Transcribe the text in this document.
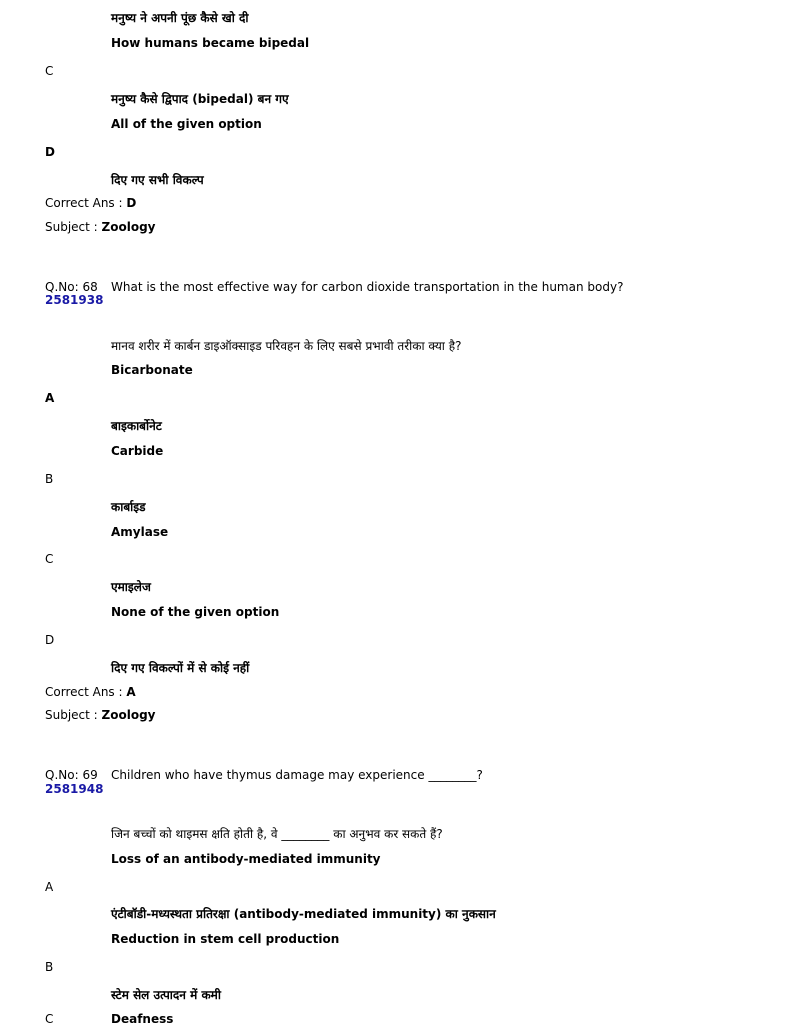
मनुष्य ने अपनी पूंछ कैसे खो दी
How humans became bipedal
C
मनुष्य कैसे द्विपाद (bipedal) बन गए
All of the given option
D
दिए गए सभी विकल्प
Correct Ans : D
Subject : Zoology
Q.No: 68 What is the most effective way for carbon dioxide transportation in the human body?
2581938
मानव शरीर में कार्बन डाइऑक्साइड परिवहन के लिए सबसे प्रभावी तरीका क्या है?
Bicarbonate
A
बाइकार्बोनेट
Carbide
B
कार्बाइड
Amylase
C
एमाइलेज
None of the given option
D
दिए गए विकल्पों में से कोई नहीं
Correct Ans : A
Subject : Zoology
Q.No: 69 Children who have thymus damage may experience ________?
2581948
जिन बच्चों को थाइमस क्षति होती है, वे ________ का अनुभव कर सकते हैं?
Loss of an antibody-mediated immunity
A
एंटीबॉडी-मध्यस्थता प्रतिरक्षा (antibody-mediated immunity) का नुकसान
Reduction in stem cell production
B
स्टेम सेल उत्पादन में कमी
Deafness
C
